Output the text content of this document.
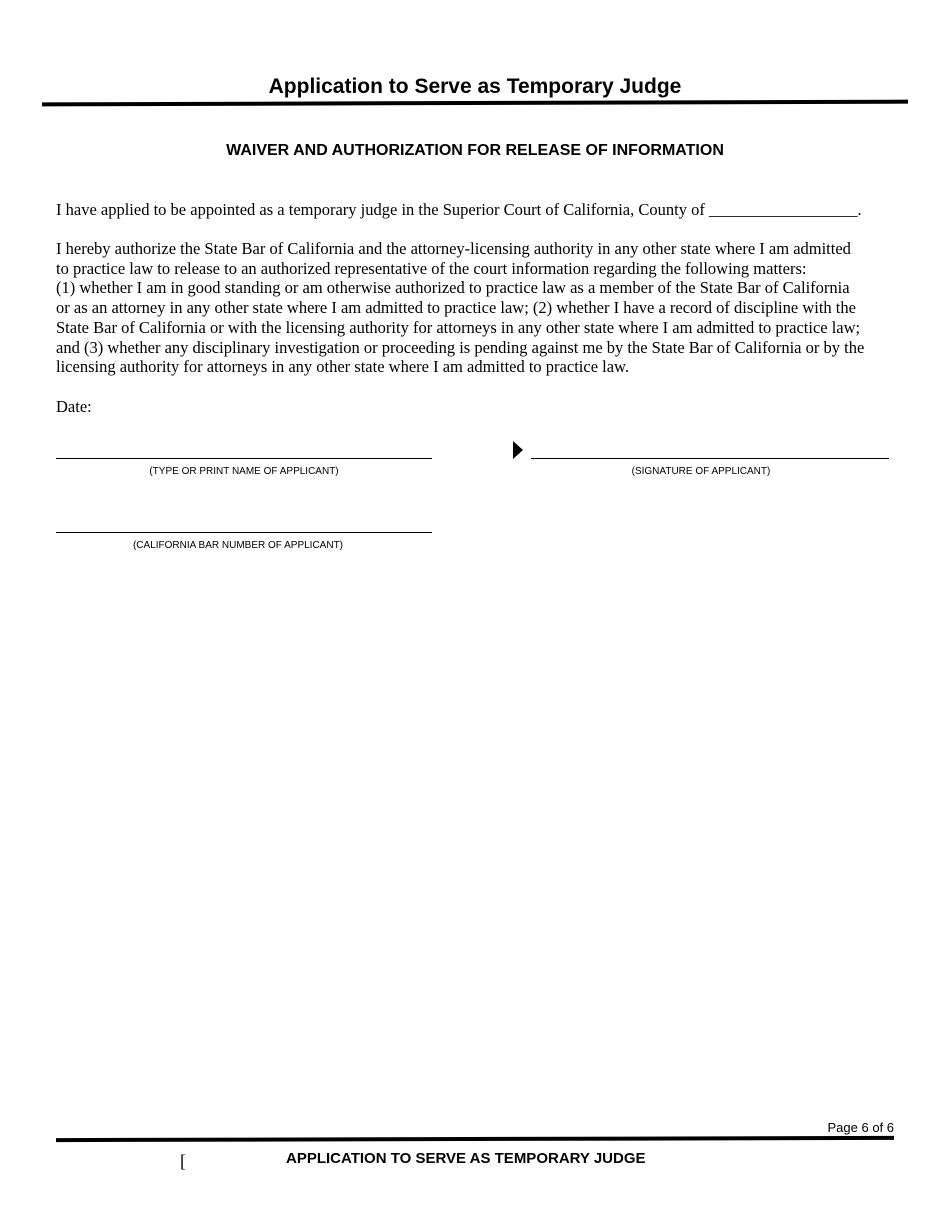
Application to Serve as Temporary Judge
WAIVER AND AUTHORIZATION FOR RELEASE OF INFORMATION

I have applied to be appointed as a temporary judge in the Superior Court of California, County of __________________.

I hereby authorize the State Bar of California and the attorney-licensing authority in any other state where I am admitted
to practice law to release to an authorized representative of the court information regarding the following matters:
(1) whether I am in good standing or am otherwise authorized to practice law as a member of the State Bar of California
or as an attorney in any other state where I am admitted to practice law; (2) whether I have a record of discipline with the
State Bar of California or with the licensing authority for attorneys in any other state where I am admitted to practice law;
and (3) whether any disciplinary investigation or proceeding is pending against me by the State Bar of California or by the
licensing authority for attorneys in any other state where I am admitted to practice law.

Date:
(TYPE OR PRINT NAME OF APPLICANT)	(SIGNATURE OF APPLICANT)
(CALIFORNIA BAR NUMBER OF APPLICANT)
Page 6 of 6
[	APPLICATION TO SERVE AS TEMPORARY JUDGE
